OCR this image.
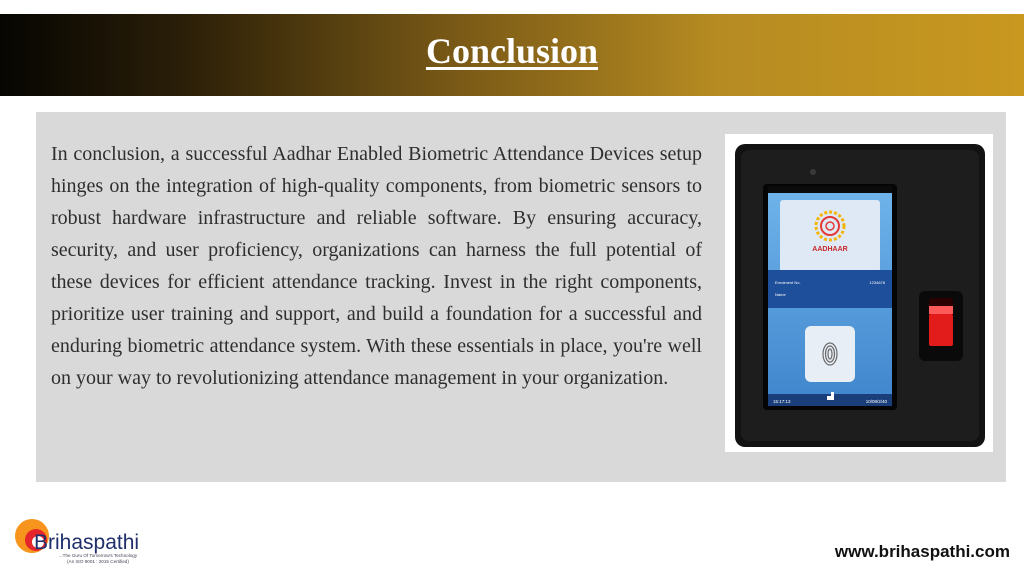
Conclusion

In conclusion, a successful Aadhar Enabled Biometric Attendance Devices setup hinges on the integration of high-quality components, from biometric sensors to robust hardware infrastructure and reliable software. By ensuring accuracy, security, and user proficiency, organizations can harness the full potential of these devices for efficient attendance tracking. Invest in the right components, prioritize user training and support, and build a foundation for a successful and enduring biometric attendance system. With these essentials in place, you're well on your way to revolutionizing attendance management in your organization.

AADHAAR
Enrolment No.	1234678
Name
15:17:13	10/08/2/40
Brihaspathi
...The Guru Of Tomorrow's Technology
(An ISO 9001 : 2015 Certified)
www.brihaspathi.com
